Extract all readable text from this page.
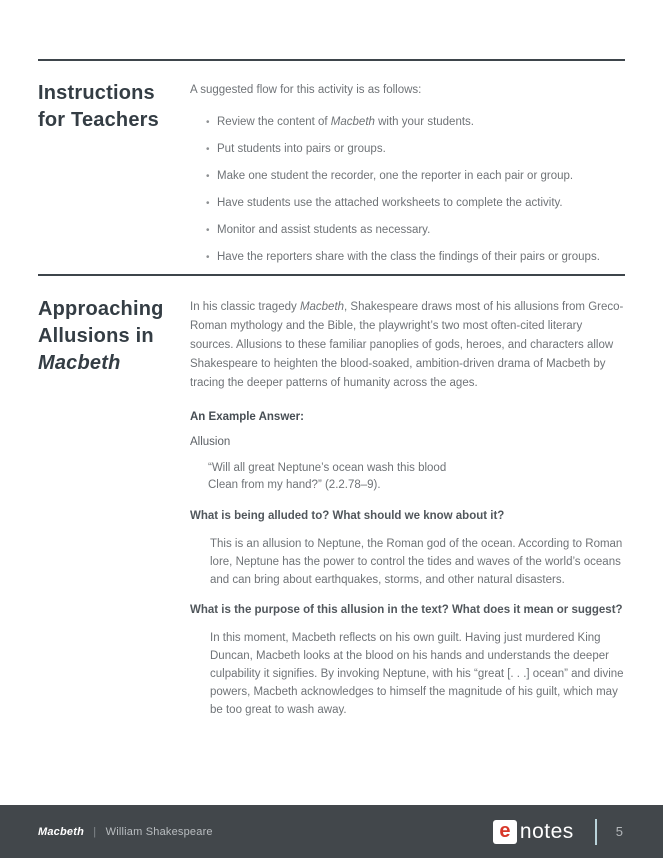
Instructions
for Teachers

A suggested flow for this activity is as follows:

• Review the content of Macbeth with your students.
• Put students into pairs or groups.
• Make one student the recorder, one the reporter in each pair or group.
• Have students use the attached worksheets to complete the activity.
• Monitor and assist students as necessary.
• Have the reporters share with the class the findings of their pairs or groups.
Approaching
Allusions in
Macbeth

In his classic tragedy Macbeth, Shakespeare draws most of his allusions from Greco-Roman mythology and the Bible, the playwright’s two most often-cited literary sources. Allusions to these familiar panoplies of gods, heroes, and characters allow Shakespeare to heighten the blood-soaked, ambition-driven drama of Macbeth by tracing the deeper patterns of humanity across the ages.

An Example Answer:

Allusion

“Will all great Neptune’s ocean wash this blood
Clean from my hand?” (2.2.78–9).

What is being alluded to? What should we know about it?

This is an allusion to Neptune, the Roman god of the ocean. According to Roman lore, Neptune has the power to control the tides and waves of the world’s oceans and can bring about earthquakes, storms, and other natural disasters.

What is the purpose of this allusion in the text? What does it mean or suggest?

In this moment, Macbeth reflects on his own guilt. Having just murdered King Duncan, Macbeth looks at the blood on his hands and understands the deeper culpability it signifies. By invoking Neptune, with his “great [. . .] ocean” and divine powers, Macbeth acknowledges to himself the magnitude of his guilt, which may be too great to wash away.

Macbeth | William Shakespeare	e notes	5
